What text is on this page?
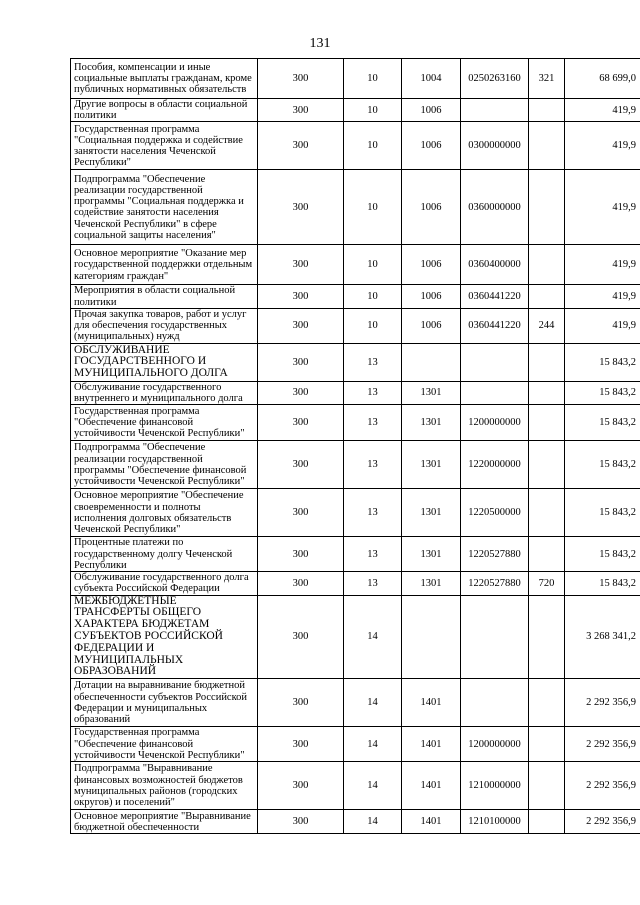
131
Пособия, компенсации и иные социальные выплаты гражданам, кроме публичных нормативных обязательств	300	10	1004	0250263160	321	68 699,0
Другие вопросы в области социальной политики	300	10	1006			419,9
Государственная программа "Социальная поддержка и содействие занятости населения Чеченской Республики"	300	10	1006	0300000000		419,9
Подпрограмма "Обеспечение реализации государственной программы "Социальная поддержка и содействие занятости населения Чеченской Республики" в сфере социальной защиты населения"	300	10	1006	0360000000		419,9
Основное мероприятие "Оказание мер государственной поддержки отдельным категориям граждан"	300	10	1006	0360400000		419,9
Мероприятия в области социальной политики	300	10	1006	0360441220		419,9
Прочая закупка товаров, работ и услуг для обеспечения государственных (муниципальных) нужд	300	10	1006	0360441220	244	419,9
ОБСЛУЖИВАНИЕ ГОСУДАРСТВЕННОГО И МУНИЦИПАЛЬНОГО ДОЛГА	300	13				15 843,2
Обслуживание государственного внутреннего и муниципального долга	300	13	1301			15 843,2
Государственная программа "Обеспечение финансовой устойчивости Чеченской Республики"	300	13	1301	1200000000		15 843,2
Подпрограмма "Обеспечение реализации государственной программы "Обеспечение финансовой устойчивости Чеченской Республики"	300	13	1301	1220000000		15 843,2
Основное мероприятие "Обеспечение своевременности и полноты исполнения долговых обязательств Чеченской Республики"	300	13	1301	1220500000		15 843,2
Процентные платежи по государственному долгу Чеченской Республики	300	13	1301	1220527880		15 843,2
Обслуживание государственного долга субъекта Российской Федерации	300	13	1301	1220527880	720	15 843,2
МЕЖБЮДЖЕТНЫЕ ТРАНСФЕРТЫ ОБЩЕГО ХАРАКТЕРА БЮДЖЕТАМ СУБЪЕКТОВ РОССИЙСКОЙ ФЕДЕРАЦИИ И МУНИЦИПАЛЬНЫХ ОБРАЗОВАНИЙ	300	14				3 268 341,2
Дотации на выравнивание бюджетной обеспеченности субъектов Российской Федерации и муниципальных образований	300	14	1401			2 292 356,9
Государственная программа "Обеспечение финансовой устойчивости Чеченской Республики"	300	14	1401	1200000000		2 292 356,9
Подпрограмма "Выравнивание финансовых возможностей бюджетов муниципальных районов (городских округов) и поселений"	300	14	1401	1210000000		2 292 356,9
Основное мероприятие "Выравнивание бюджетной обеспеченности	300	14	1401	1210100000		2 292 356,9
